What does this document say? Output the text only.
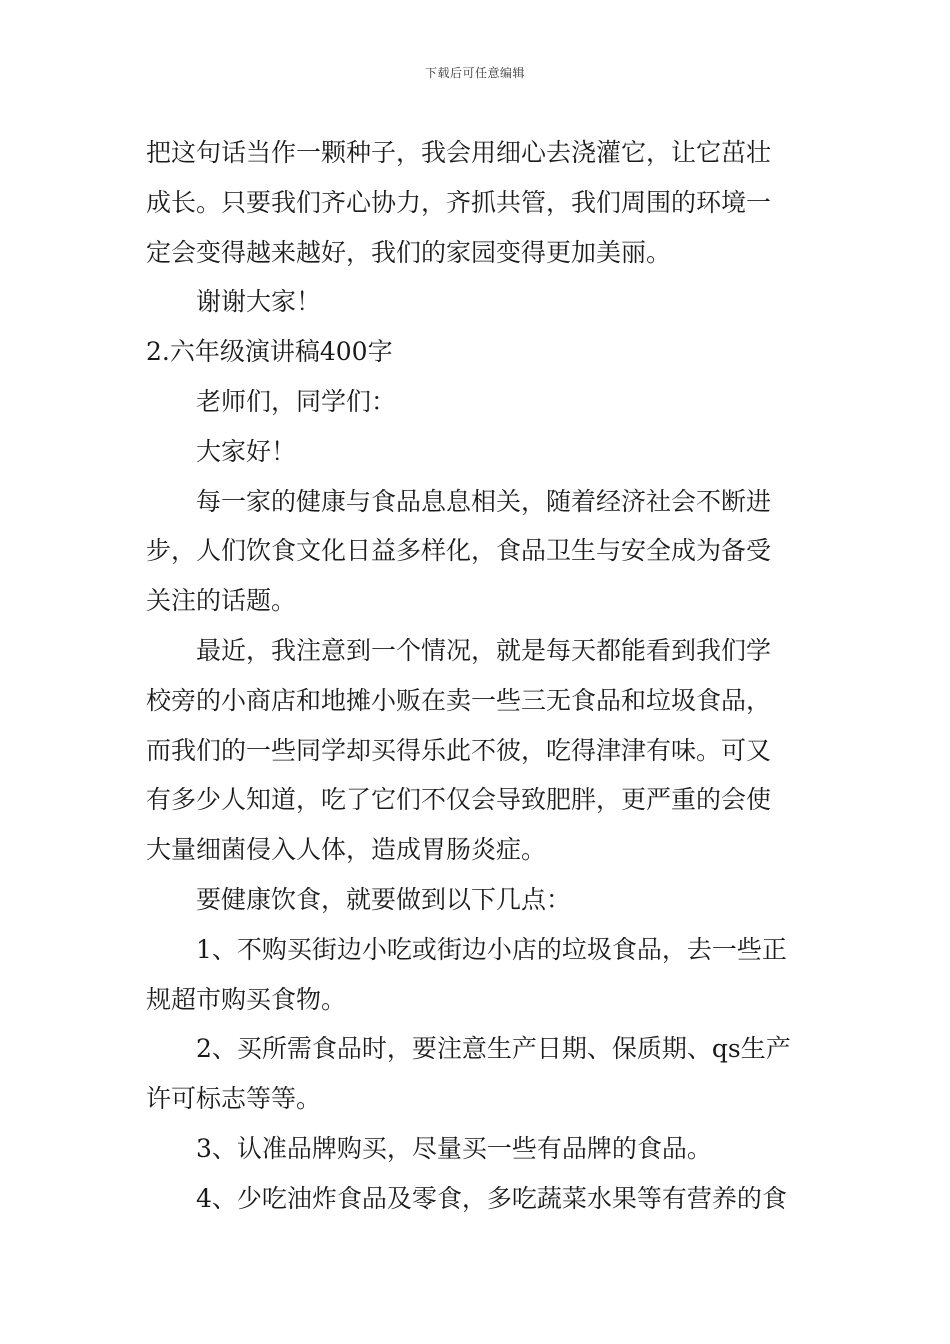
下载后可任意编辑
把这句话当作一颗种子，我会用细心去浇灌它，让它茁壮
成长。只要我们齐心协力，齐抓共管，我们周围的环境一
定会变得越来越好，我们的家园变得更加美丽。
谢谢大家！
2.六年级演讲稿400字
老师们，同学们：
大家好！
每一家的健康与食品息息相关，随着经济社会不断进
步，人们饮食文化日益多样化，食品卫生与安全成为备受
关注的话题。
最近，我注意到一个情况，就是每天都能看到我们学
校旁的小商店和地摊小贩在卖一些三无食品和垃圾食品，
而我们的一些同学却买得乐此不彼，吃得津津有味。可又
有多少人知道，吃了它们不仅会导致肥胖，更严重的会使
大量细菌侵入人体，造成胃肠炎症。
要健康饮食，就要做到以下几点：
1、不购买街边小吃或街边小店的垃圾食品，去一些正
规超市购买食物。
2、买所需食品时，要注意生产日期、保质期、qs生产
许可标志等等。
3、认准品牌购买，尽量买一些有品牌的食品。
4、少吃油炸食品及零食，多吃蔬菜水果等有营养的食
